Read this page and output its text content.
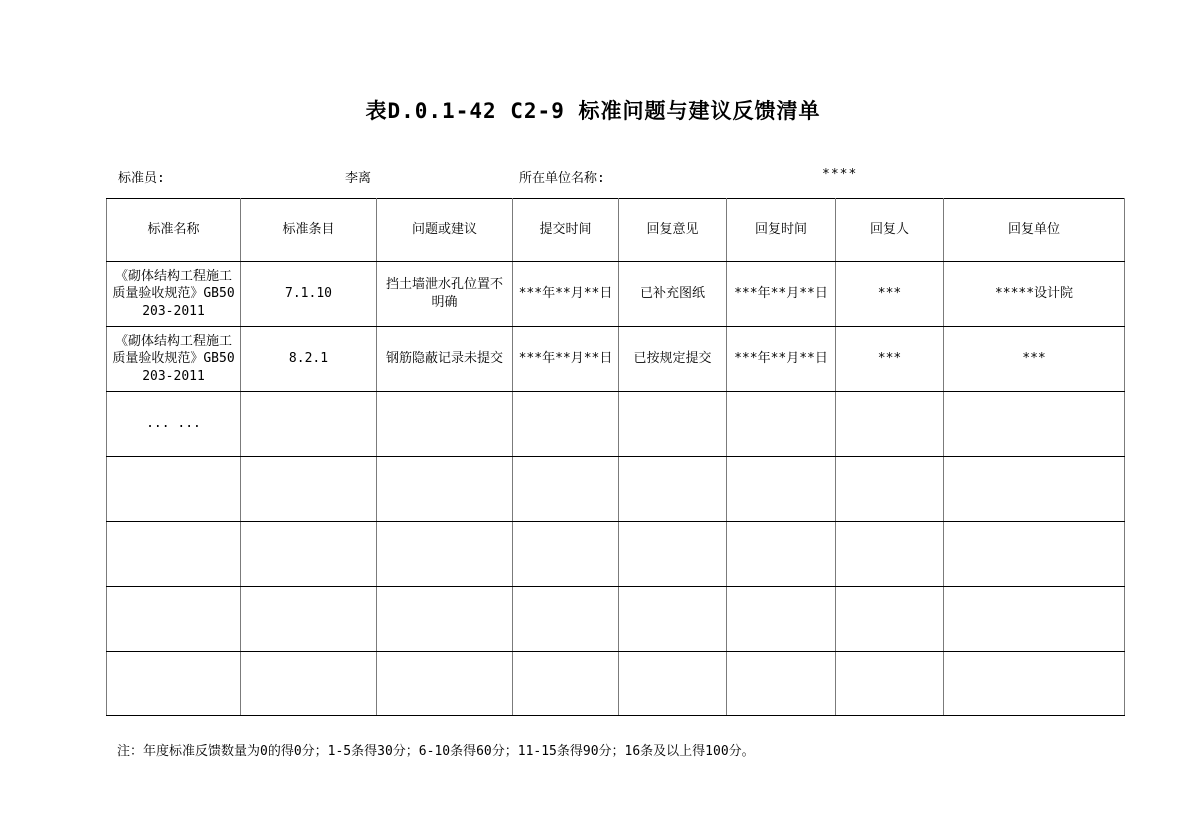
表D.0.1-42 C2-9 标准问题与建议反馈清单
标准员:	李离	所在单位名称:	****
标准名称	标准条目	问题或建议	提交时间	回复意见	回复时间	回复人	回复单位
《砌体结构工程施工质量验收规范》GB50203-2011	7.1.10	挡土墙泄水孔位置不明确	***年**月**日	已补充图纸	***年**月**日	***	*****设计院
《砌体结构工程施工质量验收规范》GB50203-2011	8.2.1	钢筋隐蔽记录未提交	***年**月**日	已按规定提交	***年**月**日	***	***
... ...							

注：年度标准反馈数量为0的得0分；1-5条得30分；6-10条得60分；11-15条得90分；16条及以上得100分。
